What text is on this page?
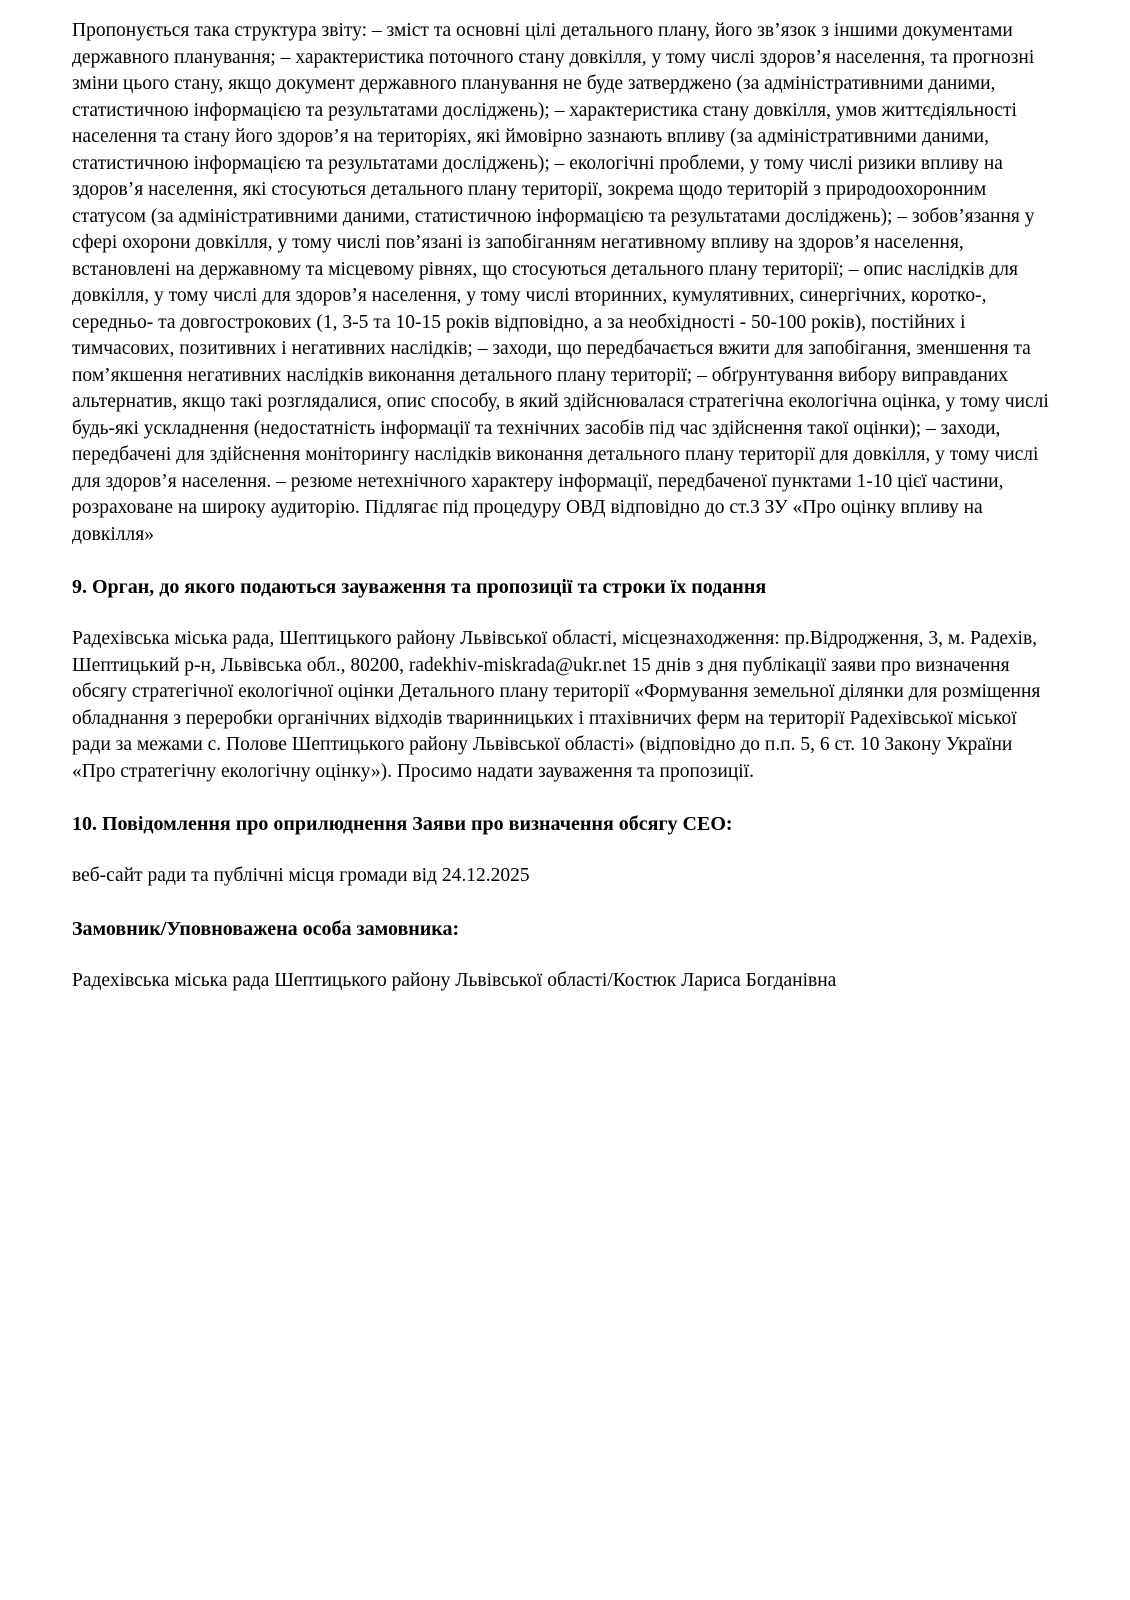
Пропонується така структура звіту: – зміст та основні цілі детального плану, його зв’язок з іншими документами державного планування; – характеристика поточного стану довкілля, у тому числі здоров’я населення, та прогнозні зміни цього стану, якщо документ державного планування не буде затверджено (за адміністративними даними, статистичною інформацією та результатами досліджень); – характеристика стану довкілля, умов життєдіяльності населення та стану його здоров’я на територіях, які ймовірно зазнають впливу (за адміністративними даними, статистичною інформацією та результатами досліджень); – екологічні проблеми, у тому числі ризики впливу на здоров’я населення, які стосуються детального плану території, зокрема щодо територій з природоохоронним статусом (за адміністративними даними, статистичною інформацією та результатами досліджень); – зобов’язання у сфері охорони довкілля, у тому числі пов’язані із запобіганням негативному впливу на здоров’я населення, встановлені на державному та місцевому рівнях, що стосуються детального плану території; – опис наслідків для довкілля, у тому числі для здоров’я населення, у тому числі вторинних, кумулятивних, синергічних, коротко-, середньо- та довгострокових (1, 3-5 та 10-15 років відповідно, а за необхідності - 50-100 років), постійних і тимчасових, позитивних і негативних наслідків; – заходи, що передбачається вжити для запобігання, зменшення та пом’якшення негативних наслідків виконання детального плану території; – обґрунтування вибору виправданих альтернатив, якщо такі розглядалися, опис способу, в який здійснювалася стратегічна екологічна оцінка, у тому числі будь-які ускладнення (недостатність інформації та технічних засобів під час здійснення такої оцінки); – заходи, передбачені для здійснення моніторингу наслідків виконання детального плану території для довкілля, у тому числі для здоров’я населення. – резюме нетехнічного характеру інформації, передбаченої пунктами 1-10 цієї частини, розраховане на широку аудиторію. Підлягає під процедуру ОВД відповідно до ст.3 ЗУ «Про оцінку впливу на довкілля»

9. Орган, до якого подаються зауваження та пропозиції та строки їх подання

Радехівська міська рада, Шептицького району Львівської області, місцезнаходження: пр.Відродження, 3, м. Радехів, Шептицький р-н, Львівська обл., 80200, radekhiv-miskrada@ukr.net 15 днів з дня публікації заяви про визначення обсягу стратегічної екологічної оцінки Детального плану території «Формування земельної ділянки для розміщення обладнання з переробки органічних відходів тваринницьких і птахівничих ферм на території Радехівської міської ради за межами с. Полове Шептицького району Львівської області» (відповідно до п.п. 5, 6 ст. 10 Закону України «Про стратегічну екологічну оцінку»). Просимо надати зауваження та пропозиції.

10. Повідомлення про оприлюднення Заяви про визначення обсягу СЕО:

веб-сайт ради та публічні місця громади від 24.12.2025

Замовник/Уповноважена особа замовника:

Радехівська міська рада Шептицького району Львівської області/Костюк Лариса Богданівна
